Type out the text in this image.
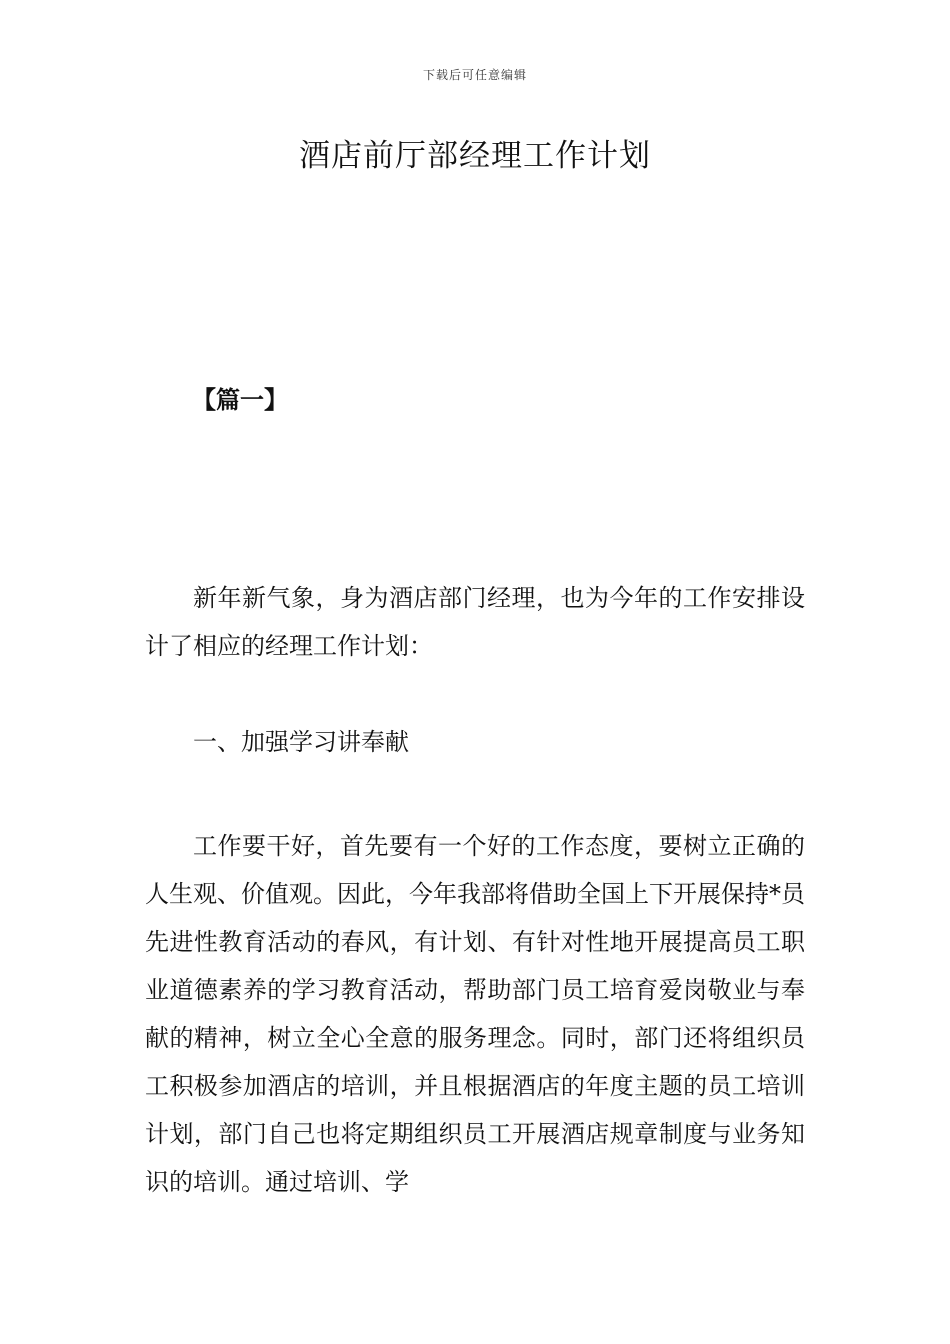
下载后可任意编辑
酒店前厅部经理工作计划
【篇一】

新年新气象，身为酒店部门经理，也为今年的工作安排设计了相应的经理工作计划：

一、加强学习讲奉献

工作要干好，首先要有一个好的工作态度，要树立正确的人生观、价值观。因此，今年我部将借助全国上下开展保持*员先进性教育活动的春风，有计划、有针对性地开展提高员工职业道德素养的学习教育活动，帮助部门员工培育爱岗敬业与奉献的精神，树立全心全意的服务理念。同时，部门还将组织员工积极参加酒店的培训，并且根据酒店的年度主题的员工培训计划，部门自己也将定期组织员工开展酒店规章制度与业务知识的培训。通过培训、学
